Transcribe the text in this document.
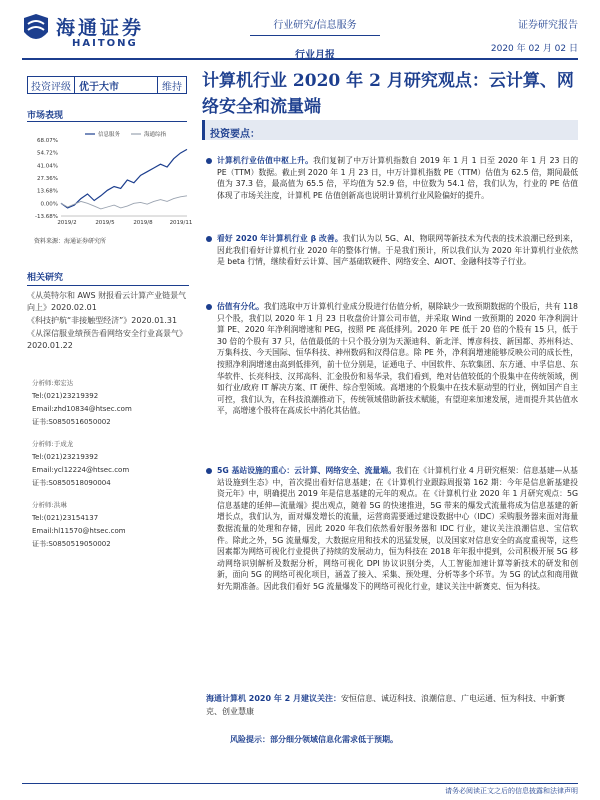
海通证券
HAITONG
行业研究/信息服务
行业月报
证券研究报告
2020 年 02 月 02 日
投资评级 优于大市	维持 计算机行业 2020 年 2 月研究观点：云计算、网络安全和流量端
市场表现
68.07%
54.72%
41.04%
27.36%
13.68%
0.00%
-13.68%
2019/2	2019/5	2019/8	2019/11
信息服务	海通综指
资料来源：海通证券研究所
相关研究
《从英特尔和 AWS 财报看云计算产业链景气向上》2020.02.01
《科技护航“非接触型经济”》2020.01.31
《从深信服业绩预告看网络安全行业高景气》2020.01.22
分析师:郑宏达
Tel:(021)23219392
Email:zhd10834@htsec.com
证书:S0850516050002
分析师:于成龙
Tel:(021)23219392
Email:ycl12224@htsec.com
证书:S0850518090004
分析师:洪琳
Tel:(021)23154137
Email:hl11570@htsec.com
证书:S0850519050002
投资要点：
计算机行业估值中枢上升。我们复制了中万计算机指数自 2019 年 1 月 1 日至 2020 年 1 月 23 日的 PE（TTM）数据。截止到 2020 年 1 月 23 日，中万计算机指数 PE（TTM）估值为 62.5 倍，期间最低值为 37.3 倍，最高值为 65.5 倍，平均值为 52.9 倍，中位数为 54.1 倍，我们认为，行业的 PE 估值体现了市场关注度，计算机 PE 估值创新高也说明计算机行业风险偏好的提升。
看好 2020 年计算机行业 β 改善。我们认为以 5G、AI、物联网等新技术为代表的技术浪潮已经到来，因此我们看好计算机行业 2020 年的整体行情。于是我们预计，所以我们认为 2020 年计算机行业依然是 beta 行情，继续看好云计算、国产基础软硬件、网络安全、AIOT、金融科技等子行业。
估值有分化。我们选取中万计算机行业成分股进行估值分析，剔除缺少一致预期数据的个股后，共有 118 只个股，我们以 2020 年 1 月 23 日收盘价计算公司市值，并采取 Wind 一致预期的 2020 年净利润计算 PE、2020 年净利润增速和 PEG，按照 PE 高低排列。2020 年 PE 低于 20 倍的个股有 15 只，低于 30 倍的个股有 37 只，估值最低的十只个股分别为天源迪科、新北洋、博彦科技、新国都、苏州科达、万集科技、今天国际、恒华科技、神州数码和汉得信息。除 PE 外，净利润增速能够反映公司的成长性，按照净利润增速由高到低排列，前十位分别是，证通电子、中国软件、东软集团、东方通、中孚信息、东华软件、长亮科技、汉邦高科、汇金股份和易华录，我们看到，绝对估值较低的个股集中在传统领域，例如行业/政府 IT 解决方案、IT 硬件、综合型领域。高增速的个股集中在技术驱动型的行业，例如国产自主可控，我们认为，在科技浪潮推动下，传统领域借助新技术赋能，有望迎来加速发展，进而提升其估值水平，高增速个股将在高成长中消化其估值。
5G 基站设施的重心：云计算、网络安全、流量端。我们在《计算机行业 4 月研究框架：信息基建—从基站设施到生态》中，首次提出看好信息基建；在《计算机行业跟踪周报第 162 期：今年是信息新基建投资元年》中，明确提出 2019 年是信息基建的元年的观点。在《计算机行业 2020 年 1 月研究观点：5G 信息基建的延伸—流量端》提出观点，随着 5G 的快速推进，5G 带来的爆发式流量将成为信息基建的新增长点，我们认为，面对爆发增长的流量，运营商需要通过建设数据中心（IDC）采购服务器来面对海量数据流量的处理和存储，因此 2020 年我们依然看好服务器和 IDC 行业，建议关注浪潮信息、宝信软件。除此之外，5G 流量爆发，大数据应用和技术的迅猛发展，以及国家对信息安全的高度重视等，这些因素都为网络可视化行业提供了持续的发展动力，恒为科技在 2018 年年报中提到，公司积极开展 5G 移动网络识别解析及数据分析，网络可视化 DPI 协议识别分类，人工智能加速计算等新技术的研发和创新，面向 5G 的网络可视化项目，涵盖了接入、采集、预处理、分析等多个环节。为 5G 的试点和商用做好先期准备。因此我们看好 5G 流量爆发下的网络可视化行业，建议关注中新赛克、恒为科技。
海通计算机 2020 年 2 月建议关注：安恒信息、诚迈科技、浪潮信息、广电运通、恒为科技、中新赛克、创业慧康
风险提示：部分细分领域信息化需求低于预期。
请务必阅读正文之后的信息披露和法律声明
